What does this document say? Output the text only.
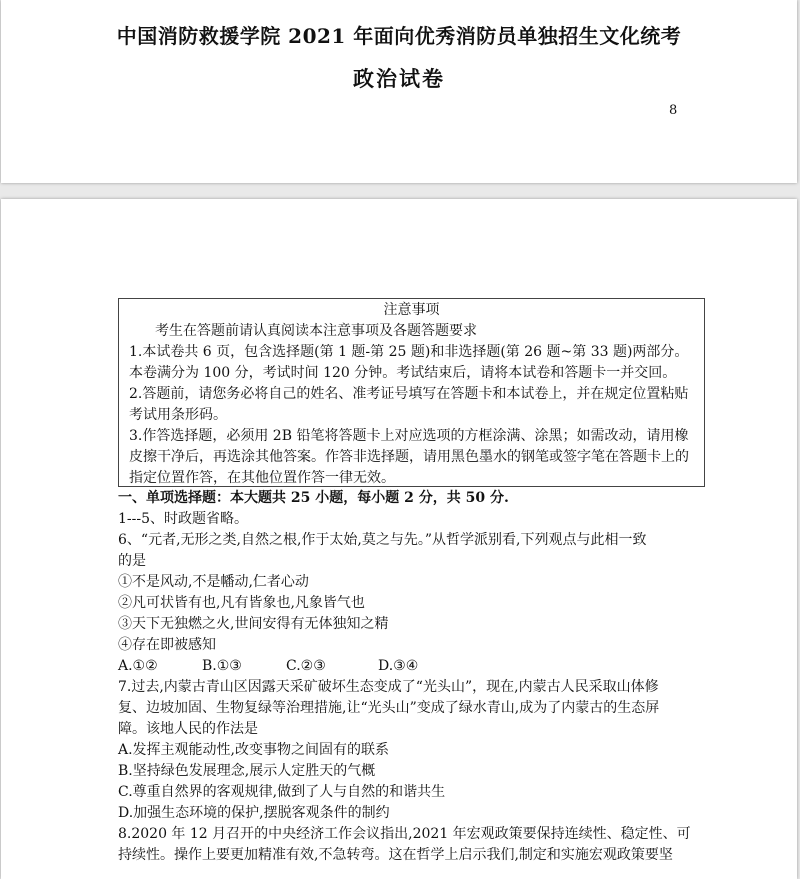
中国消防救援学院 2021 年面向优秀消防员单独招生文化统考
政治试卷
8

注意事项

考生在答题前请认真阅读本注意事项及各题答题要求

1.本试卷共 6 页，包含选择题(第 1 题-第 25 题)和非选择题(第 26 题~第 33 题)两部分。本卷满分为 100 分，考试时间 120 分钟。考试结束后，请将本试卷和答题卡一并交回。

2.答题前，请您务必将自己的姓名、准考证号填写在答题卡和本试卷上，并在规定位置粘贴考试用条形码。

3.作答选择题，必须用 2B 铅笔将答题卡上对应选项的方框涂满、涂黑；如需改动，请用橡皮擦干净后，再选涂其他答案。作答非选择题，请用黑色墨水的钢笔或签字笔在答题卡上的指定位置作答，在其他位置作答一律无效。

一、单项选择题：本大题共 25 小题，每小题 2 分，共 50 分.

1---5、时政题省略。

6、“元者,无形之类,自然之根,作于太始,莫之与先。”从哲学派别看,下列观点与此相一致

的是

①不是风动,不是幡动,仁者心动

②凡可状皆有也,凡有皆象也,凡象皆气也

③天下无独燃之火,世间安得有无体独知之精

④存在即被感知

A.①②	B.①③	C.②③	D.③④

7.过去,内蒙古青山区因露天采矿破坏生态变成了“光头山”，现在,内蒙古人民采取山体修

复、边坡加固、生物复绿等治理措施,让“光头山”变成了绿水青山,成为了内蒙古的生态屏

障。该地人民的作法是

A.发挥主观能动性,改变事物之间固有的联系

B.坚持绿色发展理念,展示人定胜天的气概

C.尊重自然界的客观规律,做到了人与自然的和谐共生

D.加强生态环境的保护,摆脱客观条件的制约

8.2020 年 12 月召开的中央经济工作会议指出,2021 年宏观政策要保持连续性、稳定性、可

持续性。操作上要更加精准有效,不急转弯。这在哲学上启示我们,制定和实施宏观政策要坚
